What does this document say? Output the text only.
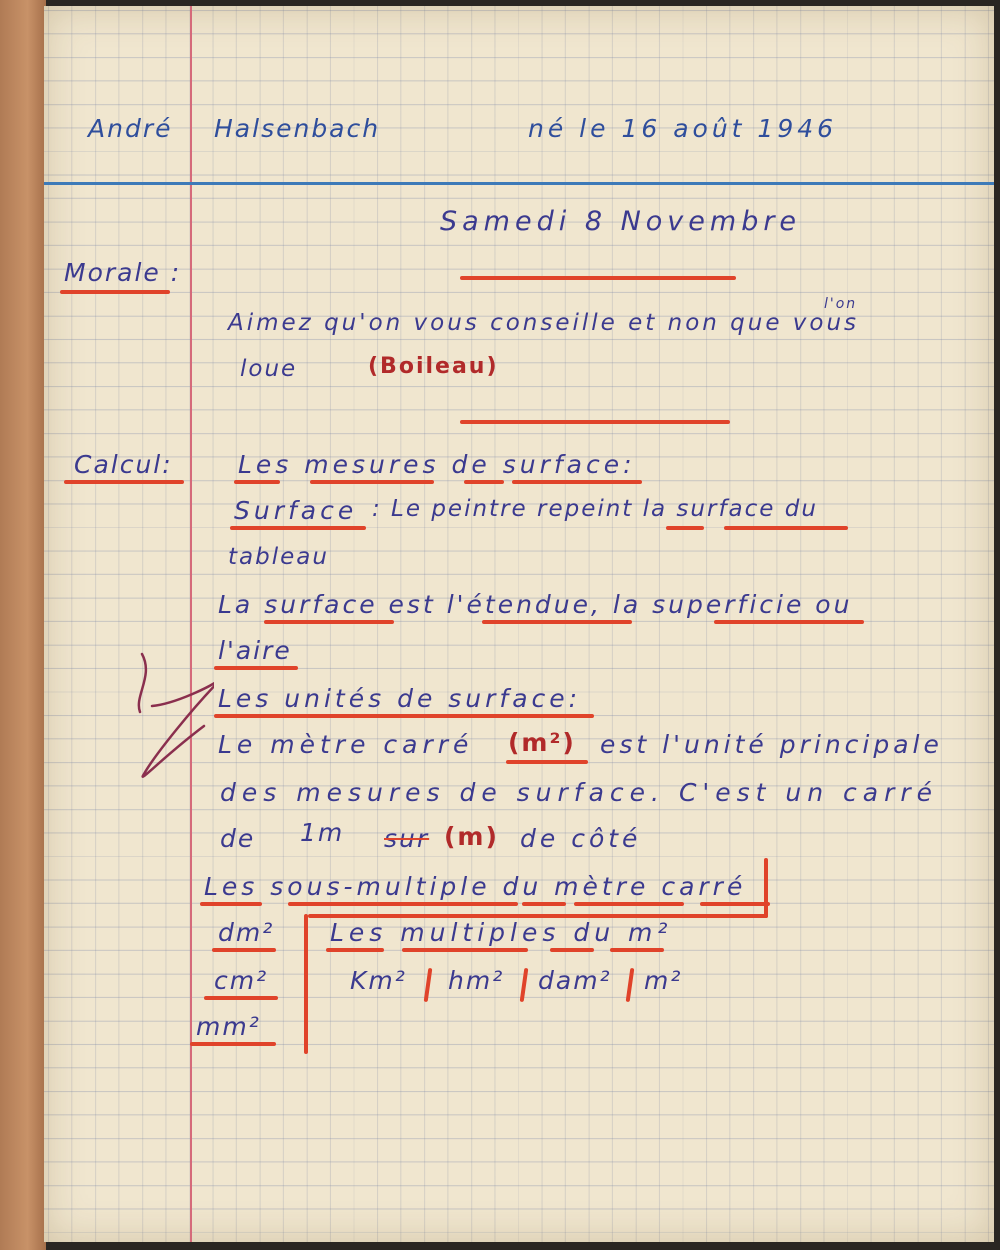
André Halsenbach	né le 16 août 1946
Samedi 8 Novembre
Morale :
l'on
Aimez qu'on vous conseille et non que vous
loue	(Boileau)
Calcul:	Les mesures de surface:
Surface : Le peintre repeint la surface du
tableau
La surface est l'étendue, la superficie ou
l'aire
Les unités de surface:
Le mètre carré (m²) est l'unité principale
des mesures de surface. C'est un carré
de 1m sur (m) de côté
Les sous-multiple du mètre carré
dm²
cm²
mm²
Les multiples du m²
Km² hm² dam² m²
